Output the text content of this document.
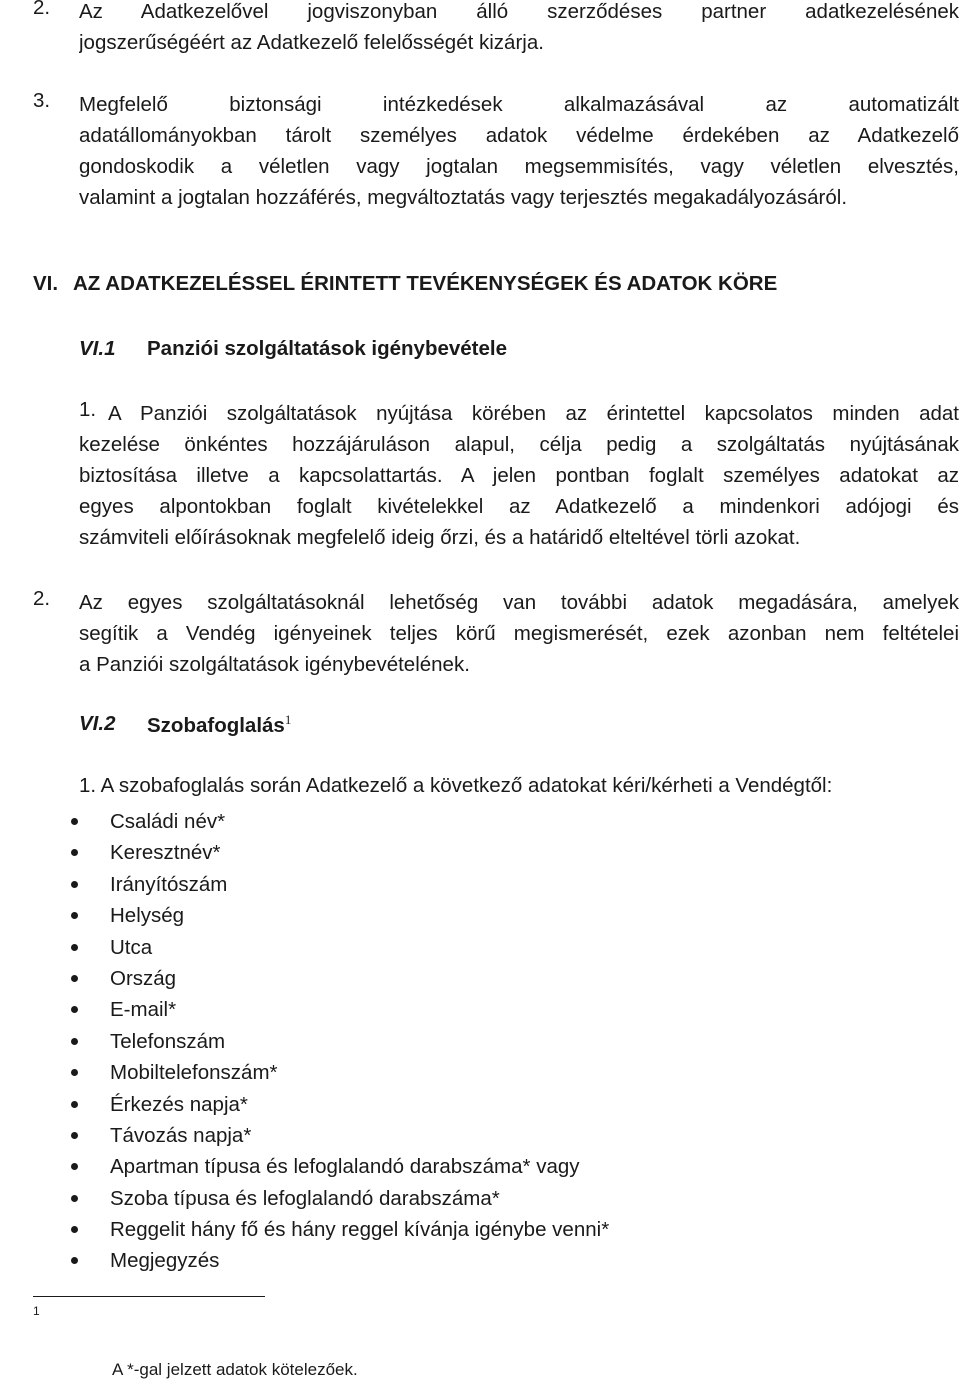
2. Az Adatkezelővel jogviszonyban álló szerződéses partner adatkezelésének
jogszerűségéért az Adatkezelő felelősségét kizárja.
3. Megfelelő biztonsági intézkedések alkalmazásával az automatizált
adatállományokban tárolt személyes adatok védelme érdekében az Adatkezelő
gondoskodik a véletlen vagy jogtalan megsemmisítés, vagy véletlen elvesztés,
valamint a jogtalan hozzáférés, megváltoztatás vagy terjesztés megakadályozásáról.
VI. AZ ADATKEZELÉSSEL ÉRINTETT TEVÉKENYSÉGEK ÉS ADATOK KÖRE
VI.1 Panziói szolgáltatások igénybevétele
1. A Panziói szolgáltatások nyújtása körében az érintettel kapcsolatos minden adat
kezelése önkéntes hozzájáruláson alapul, célja pedig a szolgáltatás nyújtásának
biztosítása illetve a kapcsolattartás. A jelen pontban foglalt személyes adatokat az
egyes alpontokban foglalt kivételekkel az Adatkezelő a mindenkori adójogi és
számviteli előírásoknak megfelelő ideig őrzi, és a határidő elteltével törli azokat.
2. Az egyes szolgáltatásoknál lehetőség van további adatok megadására, amelyek
segítik a Vendég igényeinek teljes körű megismerését, ezek azonban nem feltételei
a Panziói szolgáltatások igénybevételének.
VI.2 Szobafoglalás$^1$
1. A szobafoglalás során Adatkezelő a következő adatokat kéri/kérheti a Vendégtől:
Családi név*
Keresztnév*
Irányítószám
Helység
Utca
Ország
E-mail*
Telefonszám
Mobiltelefonszám*
Érkezés napja*
Távozás napja*
Apartman típusa és lefoglalandó darabszáma* vagy
Szoba típusa és lefoglalandó darabszáma*
Reggelit hány fő és hány reggel kívánja igénybe venni*
Megjegyzés
1
A *-gal jelzett adatok kötelezőek.
